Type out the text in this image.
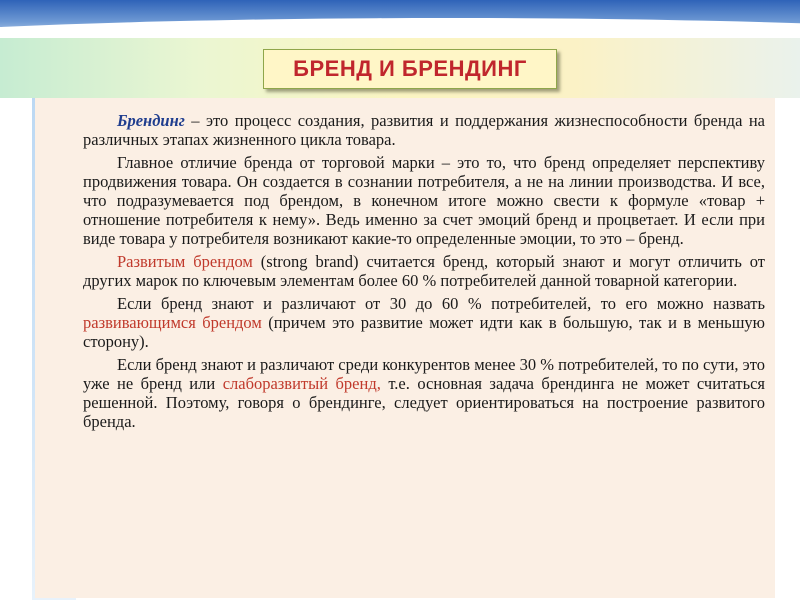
БРЕНД И БРЕНДИНГ

Брендинг – это процесс создания, развития и поддержания жизнеспособности бренда на различных этапах жизненного цикла товара.

Главное отличие бренда от торговой марки – это то, что бренд определяет перспективу продвижения товара. Он создается в сознании потребителя, а не на линии производства. И все, что подразумевается под брендом, в конечном итоге можно свести к формуле «товар + отношение потребителя к нему». Ведь именно за счет эмоций бренд и процветает. И если при виде товара у потребителя возникают какие-то определенные эмоции, то это – бренд.

Развитым брендом (strong brand) считается бренд, который знают и могут отличить от других марок по ключевым элементам более 60 % потребителей данной товарной категории.

Если бренд знают и различают от 30 до 60 % потребителей, то его можно назвать развивающимся брендом (причем это развитие может идти как в большую, так и в меньшую сторону).

Если бренд знают и различают среди конкурентов менее 30 % потребителей, то по сути, это уже не бренд или слаборазвитый бренд, т.е. основная задача брендинга не может считаться решенной. Поэтому, говоря о брендинге, следует ориентироваться на построение развитого бренда.
